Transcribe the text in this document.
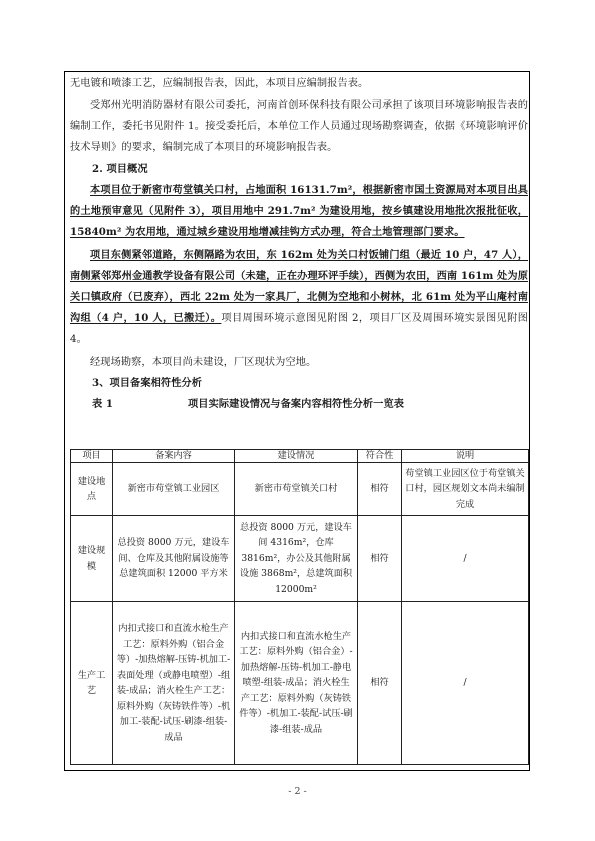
无电镀和喷漆工艺，应编制报告表，因此，本项目应编制报告表。

受郑州光明消防器材有限公司委托，河南首创环保科技有限公司承担了该项目环境影响报告表的编制工作，委托书见附件 1。接受委托后，本单位工作人员通过现场勘察调查，依据《环境影响评价技术导则》的要求，编制完成了本项目的环境影响报告表。

2. 项目概况

本项目位于新密市苟堂镇关口村，占地面积 16131.7m²，根据新密市国土资源局对本项目出具的土地预审意见（见附件 3），项目用地中 291.7m² 为建设用地，按乡镇建设用地批次报批征收，15840m² 为农用地，通过城乡建设用地增减挂钩方式办理，符合土地管理部门要求。

项目东侧紧邻道路，东侧隔路为农田，东 162m 处为关口村饭铺门组（最近 10 户，47 人），南侧紧邻郑州金通教学设备有限公司（未建，正在办理环评手续），西侧为农田，西南 161m 处为原关口镇政府（已废弃），西北 22m 处为一家具厂，北侧为空地和小树林，北 61m 处为平山庵村南沟组（4 户，10 人，已搬迁）。项目周围环境示意图见附图 2，项目厂区及周围环境实景图见附图 4。

经现场勘察，本项目尚未建设，厂区现状为空地。

3、项目备案相符性分析

表 1	项目实际建设情况与备案内容相符性分析一览表
项目	备案内容	建设情况	符合性	说明
建设地点	新密市苟堂镇工业园区	新密市苟堂镇关口村	相符	苟堂镇工业园区位于苟堂镇关口村，园区规划文本尚未编制完成
建设规模	总投资 8000 万元，建设车间、仓库及其他附属设施等总建筑面积 12000 平方米	总投资 8000 万元，建设车间 4316m²，仓库 3816m²，办公及其他附属设施 3868m²，总建筑面积 12000m²	相符	/
生产工艺	内扣式接口和直流水枪生产工艺：原料外购（铝合金等）-加热熔解-压铸-机加工-表面处理（或静电喷塑）-组装-成品；消火栓生产工艺：原料外购（灰铸铁件等）-机加工-装配-试压-刷漆-组装-成品	内扣式接口和直流水枪生产工艺：原料外购（铝合金）-加热熔解-压铸-机加工-静电喷塑-组装-成品；消火栓生产工艺：原料外购（灰铸铁件等）-机加工-装配-试压-刷漆-组装-成品	相符	/
- 2 -
